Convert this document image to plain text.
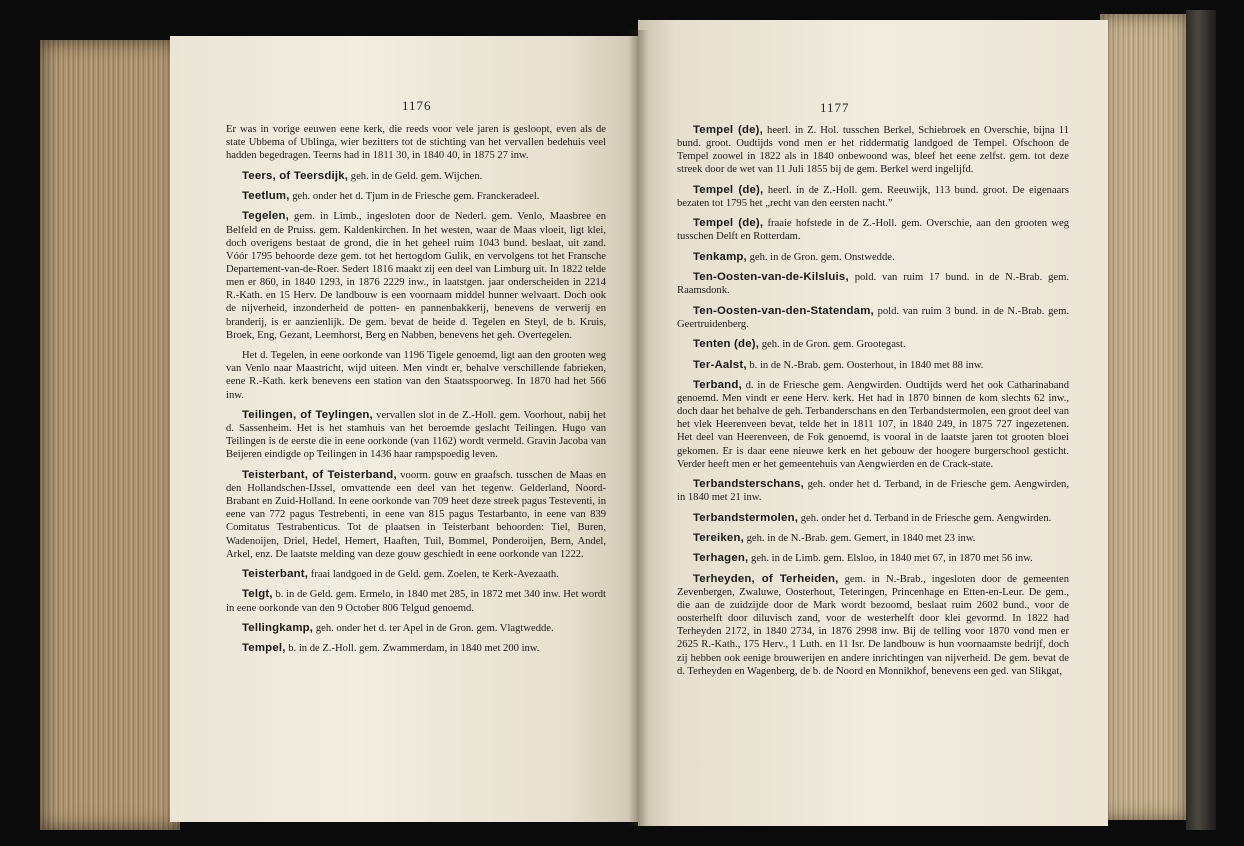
1176	1177

Er was in vorige eeuwen eene kerk, die reeds voor vele jaren is gesloopt, even als de state Ubbema of Ublinga, wier bezitters tot de stichting van het vervallen bedehuis veel hadden begedragen. Teerns had in 1811 30, in 1840 40, in 1875 27 inw.

Teers, of Teersdijk, geh. in de Geld. gem. Wijchen.

Teetlum, geh. onder het d. Tjum in de Friesche gem. Franckeradeel.

Tegelen, gem. in Limb., ingesloten door de Nederl. gem. Venlo, Maasbree en Belfeld en de Pruiss. gem. Kaldenkirchen. In het westen, waar de Maas vloeit, ligt klei, doch overigens bestaat de grond, die in het geheel ruim 1043 bund. beslaat, uit zand. Vóór 1795 behoorde deze gem. tot het hertogdom Gulik, en vervolgens tot het Fransche Departement-van-de-Roer. Sedert 1816 maakt zij een deel van Limburg uit. In 1822 telde men er 860, in 1840 1293, in 1876 2229 inw., in laatstgen. jaar onderscheiden in 2214 R.-Kath. en 15 Herv. De landbouw is een voornaam middel hunner welvaart. Doch ook de nijverheid, inzonderheid de potten- en pannenbakkerij, benevens de verwerij en branderij, is er aanzienlijk. De gem. bevat de beide d. Tegelen en Steyl, de b. Kruis, Broek, Eng, Gezant, Leemhorst, Berg en Nabben, benevens het geh. Overtegelen.

Het d. Tegelen, in eene oorkonde van 1196 Tigele genoemd, ligt aan den grooten weg van Venlo naar Maastricht, wijd uiteen. Men vindt er, behalve verschillende fabrieken, eene R.-Kath. kerk benevens een station van den Staatsspoorweg. In 1870 had het 566 inw.

Teilingen, of Teylingen, vervallen slot in de Z.-Holl. gem. Voorhout, nabij het d. Sassenheim. Het is het stamhuis van het beroemde geslacht Teilingen. Hugo van Teilingen is de eerste die in eene oorkonde (van 1162) wordt vermeld. Gravin Jacoba van Beijeren eindigde op Teilingen in 1436 haar rampspoedig leven.

Teisterbant, of Teisterband, voorm. gouw en graafsch. tusschen de Maas en den Hollandschen-IJssel, omvattende een deel van het tegenw. Gelderland, Noord-Brabant en Zuid-Holland. In eene oorkonde van 709 heet deze streek pagus Testeventi, in eene van 772 pagus Testrebenti, in eene van 815 pagus Testarbanto, in eene van 839 Comitatus Testrabenticus. Tot de plaatsen in Teisterbant behoorden: Tiel, Buren, Wadenoijen, Driel, Hedel, Hemert, Haaften, Tuil, Bommel, Ponderoijen, Bern, Andel, Arkel, enz. De laatste melding van deze gouw geschiedt in eene oorkonde van 1222.

Teisterbant, fraai landgoed in de Geld. gem. Zoelen, te Kerk-Avezaath.

Telgt, b. in de Geld. gem. Ermelo, in 1840 met 285, in 1872 met 340 inw. Het wordt in eene oorkonde van den 9 October 806 Telgud genoemd.

Tellingkamp, geh. onder het d. ter Apel in de Gron. gem. Vlagtwedde.

Tempel, b. in de Z.-Holl. gem. Zwammerdam, in 1840 met 200 inw.

Tempel (de), heerl. in Z. Hol. tusschen Berkel, Schiebroek en Overschie, bijna 11 bund. groot. Oudtijds vond men er het riddermatig landgoed de Tempel. Ofschoon de Tempel zoowel in 1822 als in 1840 onbewoond was, bleef het eene zelfst. gem. tot deze streek door de wet van 11 Juli 1855 bij de gem. Berkel werd ingelijfd.

Tempel (de), heerl. in de Z.-Holl. gem. Reeuwijk, 113 bund. groot. De eigenaars bezaten tot 1795 het „recht van den eersten nacht.”

Tempel (de), fraaie hofstede in de Z.-Holl. gem. Overschie, aan den grooten weg tusschen Delft en Rotterdam.

Tenkamp, geh. in de Gron. gem. Onstwedde.

Ten-Oosten-van-de-Kilsluis, pold. van ruim 17 bund. in de N.-Brab. gem. Raamsdonk.

Ten-Oosten-van-den-Statendam, pold. van ruim 3 bund. in de N.-Brab. gem. Geertruidenberg.

Tenten (de), geh. in de Gron. gem. Grootegast.

Ter-Aalst, b. in de N.-Brab. gem. Oosterhout, in 1840 met 88 inw.

Terband, d. in de Friesche gem. Aengwirden. Oudtijds werd het ook Catharinaband genoemd. Men vindt er eene Herv. kerk. Het had in 1870 binnen de kom slechts 62 inw., doch daar het behalve de geh. Terbanderschans en den Terbandstermolen, een groot deel van het vlek Heerenveen bevat, telde het in 1811 107, in 1840 249, in 1875 727 ingezetenen. Het deel van Heerenveen, de Fok genoemd, is vooral in de laatste jaren tot grooten bloei gekomen. Er is daar eene nieuwe kerk en het gebouw der hoogere burgerschool gesticht. Verder heeft men er het gemeentehuis van Aengwierden en de Crack-state.

Terbandsterschans, geh. onder het d. Terband, in de Friesche gem. Aengwirden, in 1840 met 21 inw.

Terbandstermolen, geh. onder het d. Terband in de Friesche gem. Aengwirden.

Tereiken, geh. in de N.-Brab. gem. Gemert, in 1840 met 23 inw.

Terhagen, geh. in de Limb. gem. Elsloo, in 1840 met 67, in 1870 met 56 inw.

Terheyden, of Terheiden, gem. in N.-Brab., ingesloten door de gemeenten Zevenbergen, Zwaluwe, Oosterhout, Teteringen, Princenhage en Etten-en-Leur. De gem., die aan de zuidzijde door de Mark wordt bezoomd, beslaat ruim 2602 bund., voor de oosterhelft door diluvisch zand, voor de westerhelft door klei gevormd. In 1822 had Terheyden 2172, in 1840 2734, in 1876 2998 inw. Bij de telling voor 1870 vond men er 2625 R.-Kath., 175 Herv., 1 Luth. en 11 Isr. De landbouw is hun voornaamste bedrijf, doch zij hebben ook eenige brouwerijen en andere inrichtingen van nijverheid. De gem. bevat de d. Terheyden en Wagenberg, de b. de Noord en Monnikhof, benevens een ged. van Slikgat,
